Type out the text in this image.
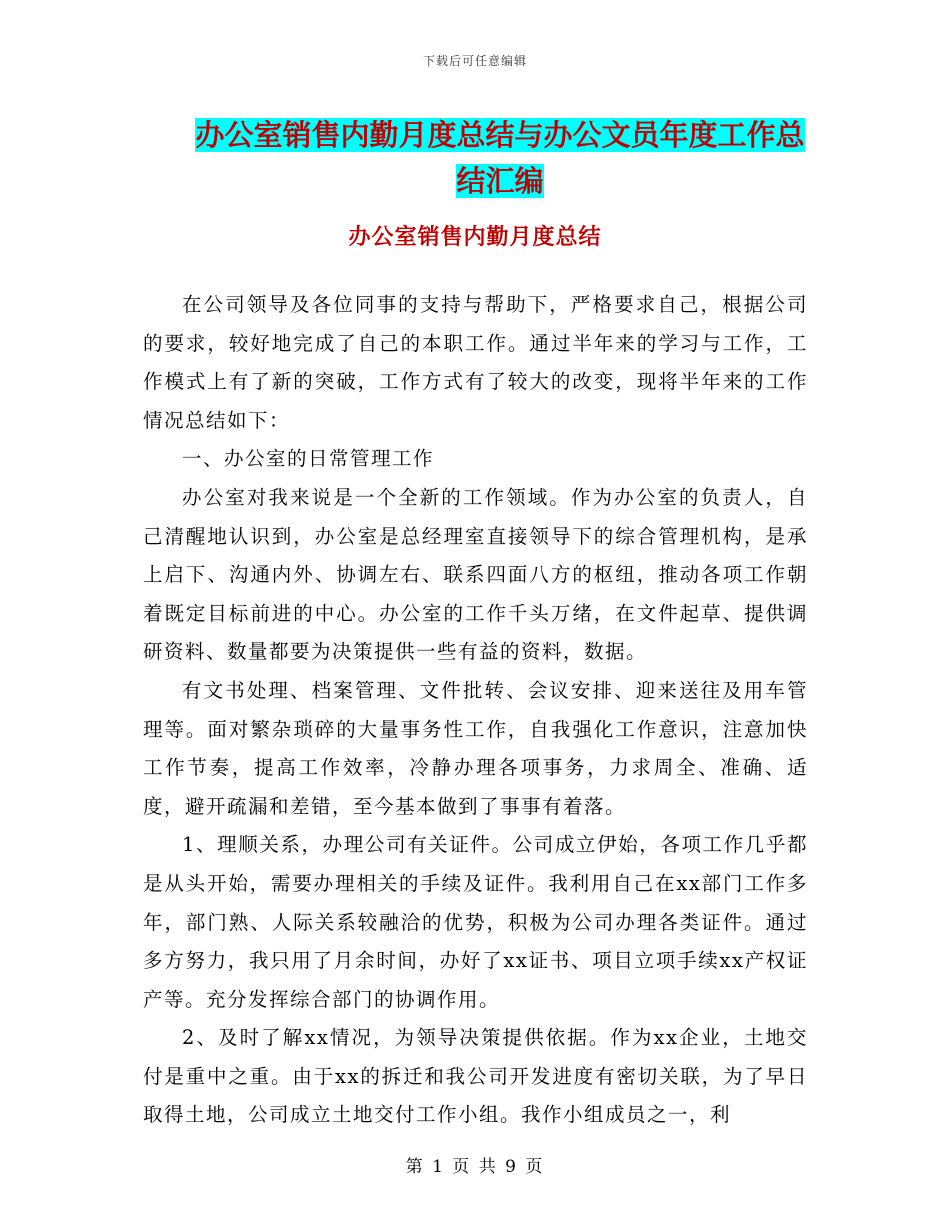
下载后可任意编辑
办公室销售内勤月度总结与办公文员年度工作总结汇编
办公室销售内勤月度总结

在公司领导及各位同事的支持与帮助下，严格要求自己，根据公司的要求，较好地完成了自己的本职工作。通过半年来的学习与工作，工作模式上有了新的突破，工作方式有了较大的改变，现将半年来的工作情况总结如下：

一、办公室的日常管理工作

办公室对我来说是一个全新的工作领域。作为办公室的负责人，自己清醒地认识到，办公室是总经理室直接领导下的综合管理机构，是承上启下、沟通内外、协调左右、联系四面八方的枢纽，推动各项工作朝着既定目标前进的中心。办公室的工作千头万绪，在文件起草、提供调研资料、数量都要为决策提供一些有益的资料，数据。

有文书处理、档案管理、文件批转、会议安排、迎来送往及用车管理等。面对繁杂琐碎的大量事务性工作，自我强化工作意识，注意加快工作节奏，提高工作效率，冷静办理各项事务，力求周全、准确、适度，避开疏漏和差错，至今基本做到了事事有着落。

1、理顺关系，办理公司有关证件。公司成立伊始，各项工作几乎都是从头开始，需要办理相关的手续及证件。我利用自己在xx部门工作多年，部门熟、人际关系较融洽的优势，积极为公司办理各类证件。通过多方努力，我只用了月余时间，办好了xx证书、项目立项手续xx产权证产等。充分发挥综合部门的协调作用。

2、及时了解xx情况，为领导决策提供依据。作为xx企业，土地交付是重中之重。由于xx的拆迁和我公司开发进度有密切关联，为了早日取得土地，公司成立土地交付工作小组。我作小组成员之一，利

第 1 页 共 9 页
